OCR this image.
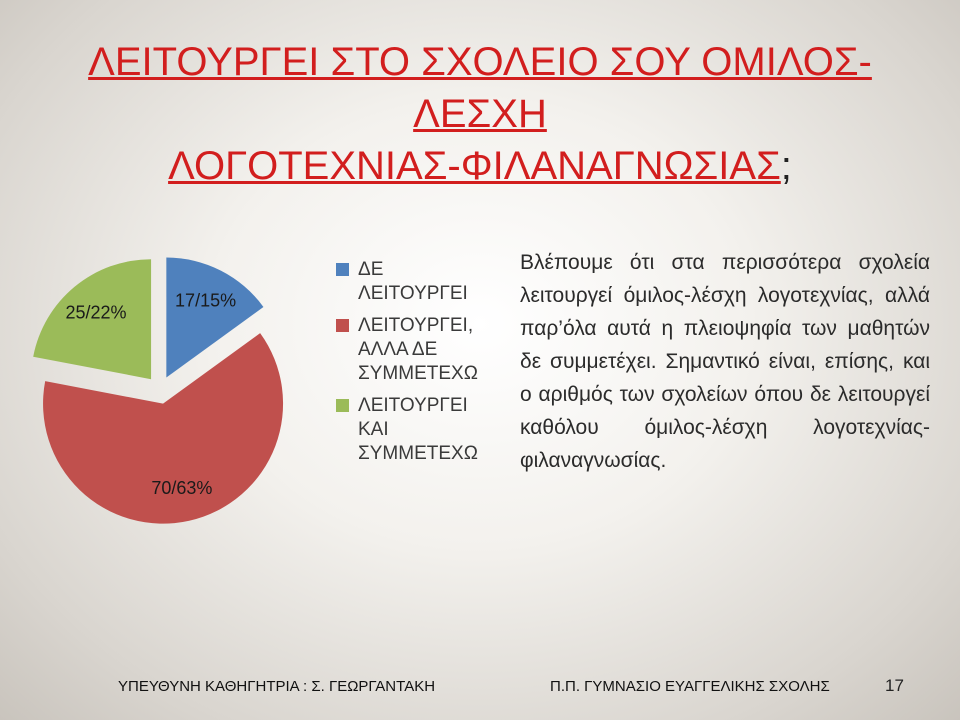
ΛΕΙΤΟΥΡΓΕΙ ΣΤΟ ΣΧΟΛΕΙΟ ΣΟΥ ΟΜΙΛΟΣ-ΛΕΣΧΗ
ΛΟΓΟΤΕΧΝΙΑΣ-ΦΙΛΑΝΑΓΝΩΣΙΑΣ;
17/15%
70/63%
25/22%
ΔΕ
ΛΕΙΤΟΥΡΓΕΙ
ΛΕΙΤΟΥΡΓΕΙ,
ΑΛΛΑ ΔΕ
ΣΥΜΜΕΤΕΧΩ
ΛΕΙΤΟΥΡΓΕΙ
ΚΑΙ
ΣΥΜΜΕΤΕΧΩ
Βλέπουμε ότι στα περισσότερα σχολεία λειτουργεί όμιλος-λέσχη λογοτεχνίας, αλλά παρ’όλα αυτά η πλειοψηφία των μαθητών δε συμμετέχει. Σημαντικό είναι, επίσης, και ο αριθμός των σχολείων όπου δε λειτουργεί καθόλου όμιλος-λέσχη λογοτεχνίας-φιλαναγνωσίας.
ΥΠΕΥΘΥΝΗ ΚΑΘΗΓΗΤΡΙΑ : Σ. ΓΕΩΡΓΑΝΤΑΚΗ	Π.Π. ΓΥΜΝΑΣΙΟ ΕΥΑΓΓΕΛΙΚΗΣ ΣΧΟΛΗΣ	17
